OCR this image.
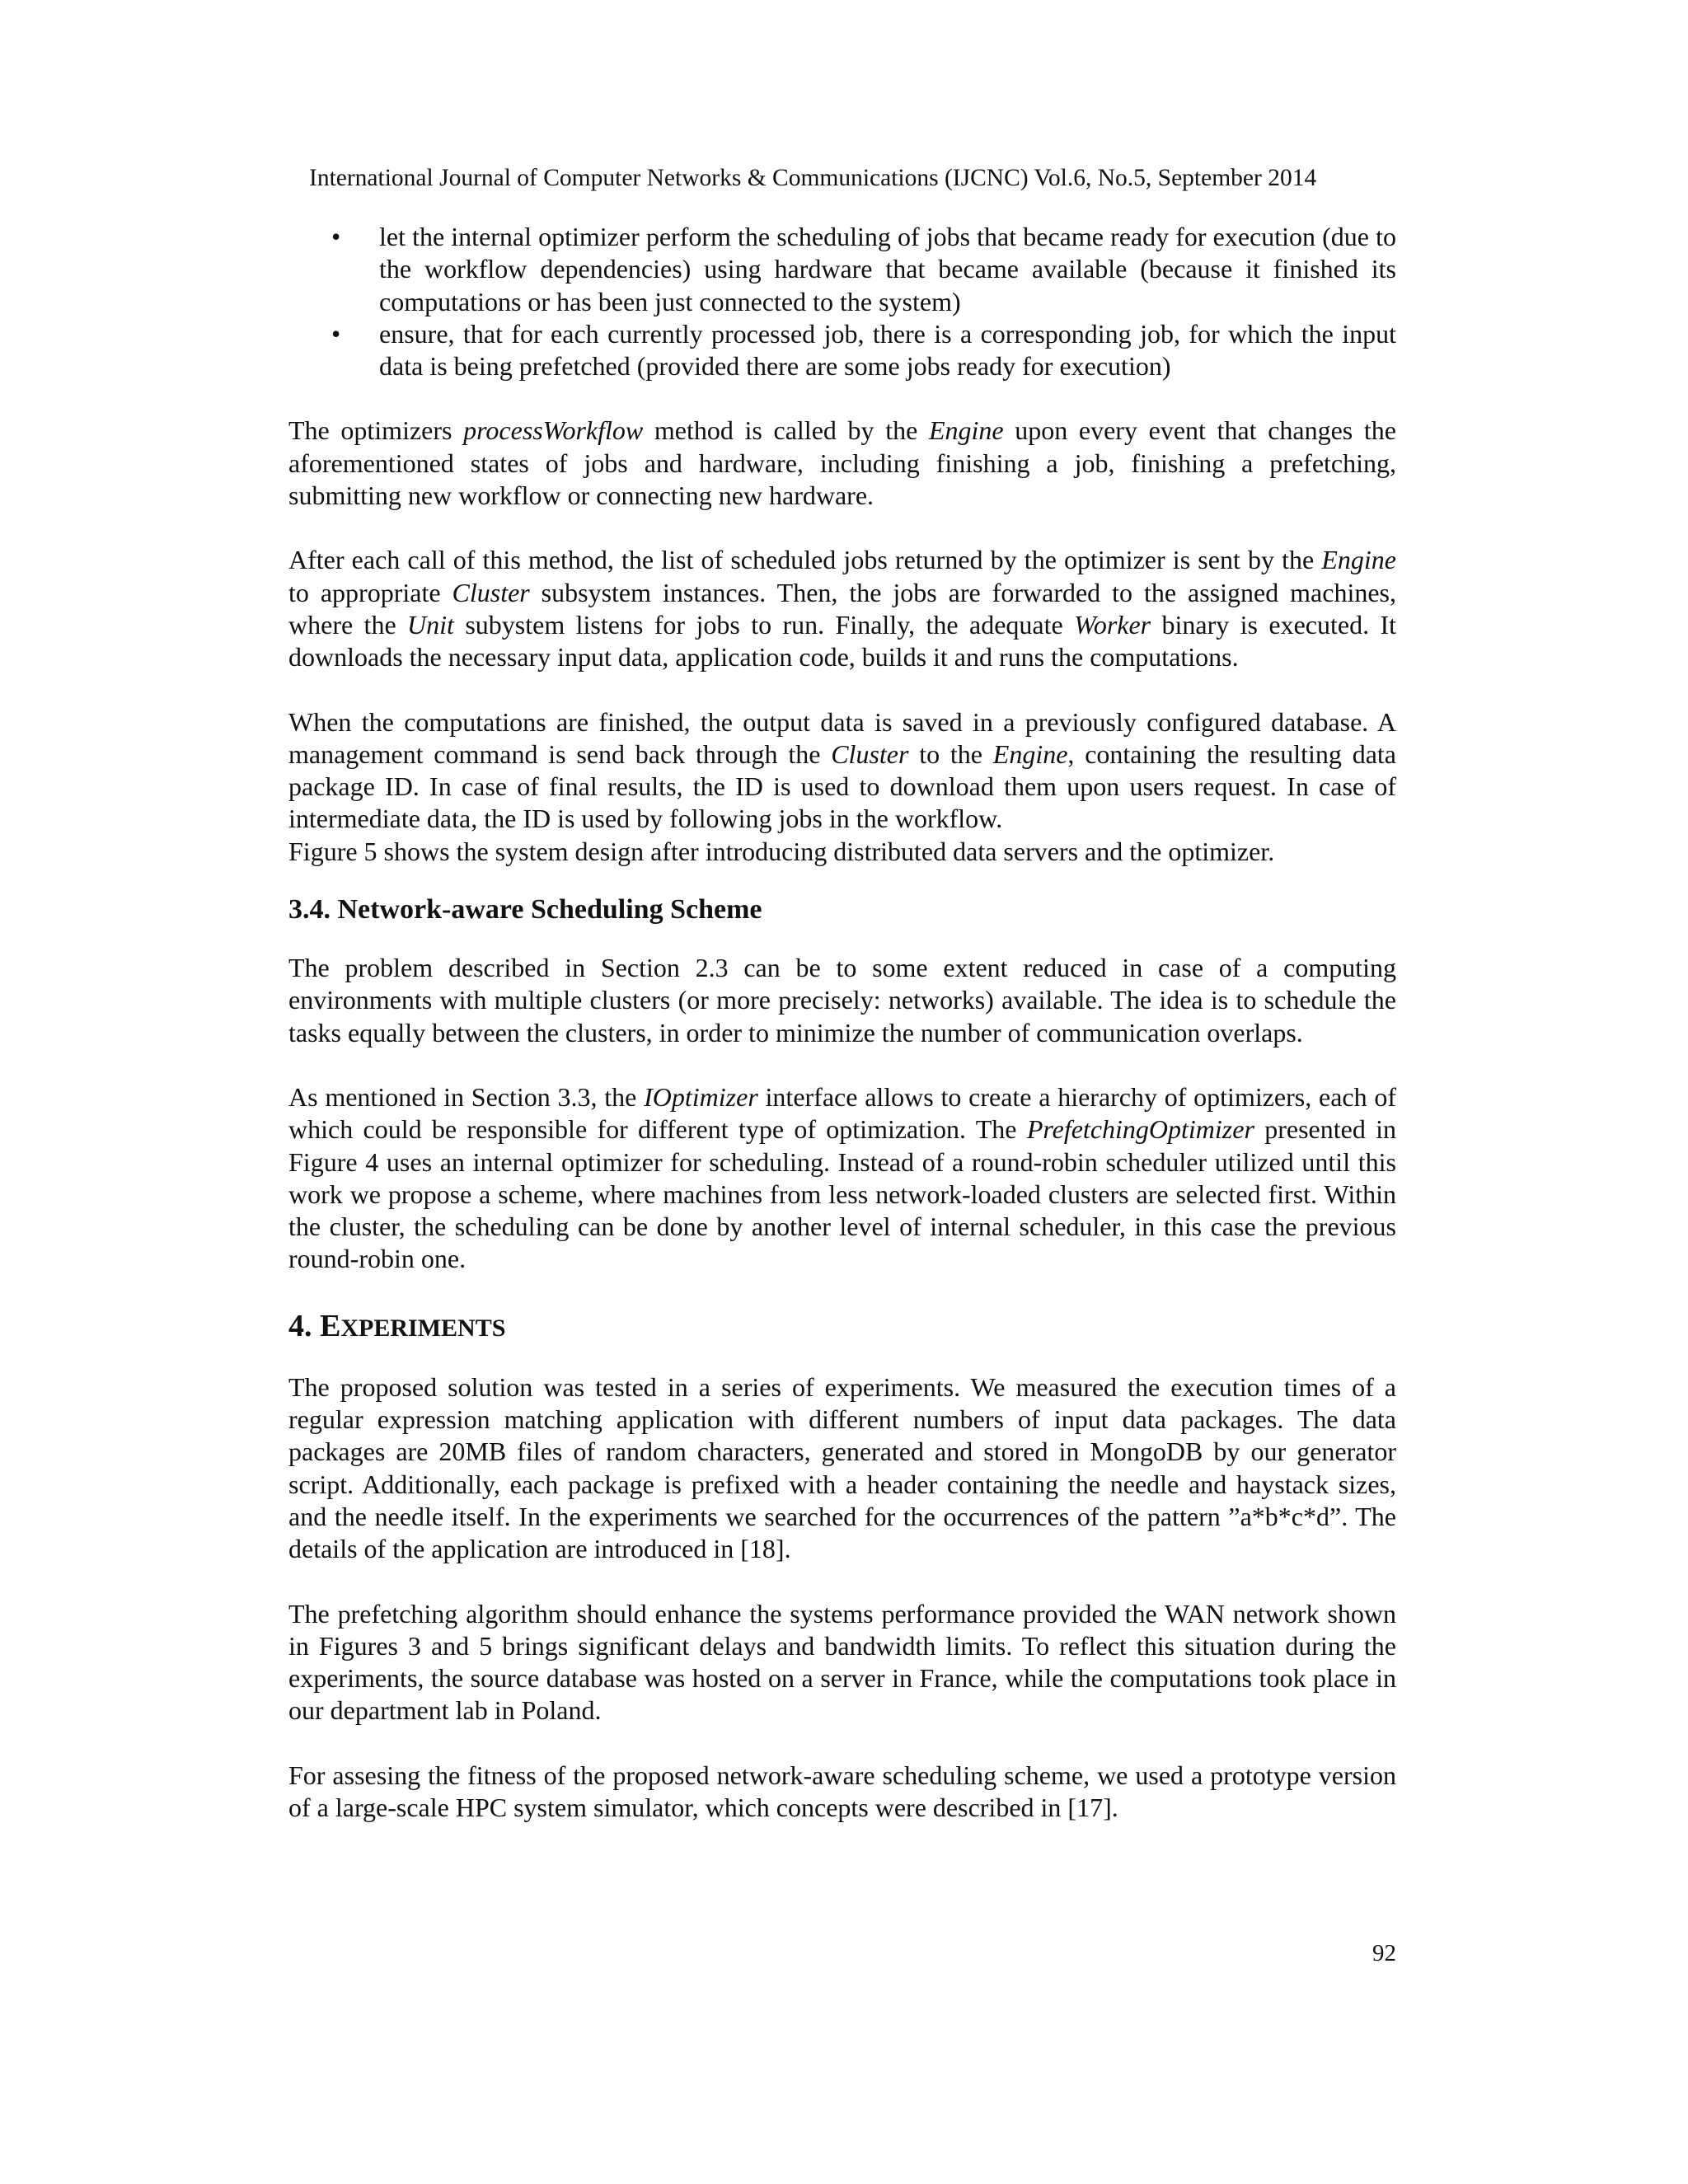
International Journal of Computer Networks & Communications (IJCNC) Vol.6, No.5, September 2014
• let the internal optimizer perform the scheduling of jobs that became ready for execution (due to the workflow dependencies) using hardware that became available (because it finished its computations or has been just connected to the system)
• ensure, that for each currently processed job, there is a corresponding job, for which the input data is being prefetched (provided there are some jobs ready for execution)

The optimizers processWorkflow method is called by the Engine upon every event that changes the aforementioned states of jobs and hardware, including finishing a job, finishing a prefetching, submitting new workflow or connecting new hardware.

After each call of this method, the list of scheduled jobs returned by the optimizer is sent by the Engine to appropriate Cluster subsystem instances. Then, the jobs are forwarded to the assigned machines, where the Unit subystem listens for jobs to run. Finally, the adequate Worker binary is executed. It downloads the necessary input data, application code, builds it and runs the computations.

When the computations are finished, the output data is saved in a previously configured database. A management command is send back through the Cluster to the Engine, containing the resulting data package ID. In case of final results, the ID is used to download them upon users request. In case of intermediate data, the ID is used by following jobs in the workflow.

Figure 5 shows the system design after introducing distributed data servers and the optimizer.

3.4. Network-aware Scheduling Scheme

The problem described in Section 2.3 can be to some extent reduced in case of a computing environments with multiple clusters (or more precisely: networks) available. The idea is to schedule the tasks equally between the clusters, in order to minimize the number of communication overlaps.

As mentioned in Section 3.3, the IOptimizer interface allows to create a hierarchy of optimizers, each of which could be responsible for different type of optimization. The PrefetchingOptimizer presented in Figure 4 uses an internal optimizer for scheduling. Instead of a round-robin scheduler utilized until this work we propose a scheme, where machines from less network-loaded clusters are selected first. Within the cluster, the scheduling can be done by another level of internal scheduler, in this case the previous round-robin one.

4. EXPERIMENTS

The proposed solution was tested in a series of experiments. We measured the execution times of a regular expression matching application with different numbers of input data packages. The data packages are 20MB files of random characters, generated and stored in MongoDB by our generator script. Additionally, each package is prefixed with a header containing the needle and haystack sizes, and the needle itself. In the experiments we searched for the occurrences of the pattern ”a*b*c*d”. The details of the application are introduced in [18].

The prefetching algorithm should enhance the systems performance provided the WAN network shown in Figures 3 and 5 brings significant delays and bandwidth limits. To reflect this situation during the experiments, the source database was hosted on a server in France, while the computations took place in our department lab in Poland.

For assesing the fitness of the proposed network-aware scheduling scheme, we used a prototype version of a large-scale HPC system simulator, which concepts were described in [17].

92
